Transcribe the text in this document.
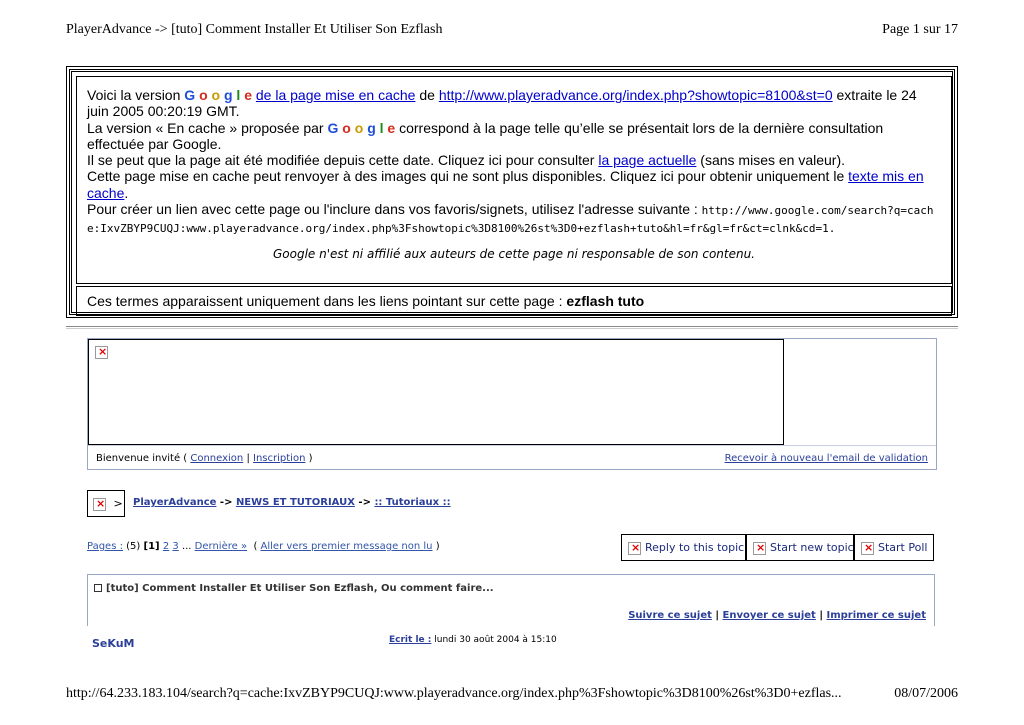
PlayerAdvance -> [tuto] Comment Installer Et Utiliser Son Ezflash	Page 1 sur 17
Voici la version G o o g l e de la page mise en cache de http://www.playeradvance.org/index.php?showtopic=8100&st=0 extraite le 24 juin 2005 00:20:19 GMT.
La version « En cache » proposée par G o o g l e correspond à la page telle qu’elle se présentait lors de la dernière consultation effectuée par Google.
Il se peut que la page ait été modifiée depuis cette date. Cliquez ici pour consulter la page actuelle (sans mises en valeur).
Cette page mise en cache peut renvoyer à des images qui ne sont plus disponibles. Cliquez ici pour obtenir uniquement le texte mis en cache.
Pour créer un lien avec cette page ou l'inclure dans vos favoris/signets, utilisez l'adresse suivante : http://www.google.com/search?q=cache:IxvZBYP9CUQJ:www.playeradvance.org/index.php%3Fshowtopic%3D8100%26st%3D0+ezflash+tuto&hl=fr&gl=fr&ct=clnk&cd=1.
Google n'est ni affilié aux auteurs de cette page ni responsable de son contenu.
Ces termes apparaissent uniquement dans les liens pointant sur cette page : ezflash tuto
×
Bienvenue invité ( Connexion | Inscription )	Recevoir à nouveau l'email de validation
× > PlayerAdvance -> NEWS ET TUTORIAUX -> :: Tutoriaux ::
Pages : (5) [1] 2 3 ... Dernière » ( Aller vers premier message non lu ) ×	Reply to this topic ×	Start new topic ×	Start Poll
[tuto] Comment Installer Et Utiliser Son Ezflash, Ou comment faire...
Suivre ce sujet | Envoyer ce sujet | Imprimer ce sujet
SeKuM	Ecrit le : lundi 30 août 2004 à 15:10
http://64.233.183.104/search?q=cache:IxvZBYP9CUQJ:www.playeradvance.org/index.php%3Fshowtopic%3D8100%26st%3D0+ezflas...	08/07/2006
